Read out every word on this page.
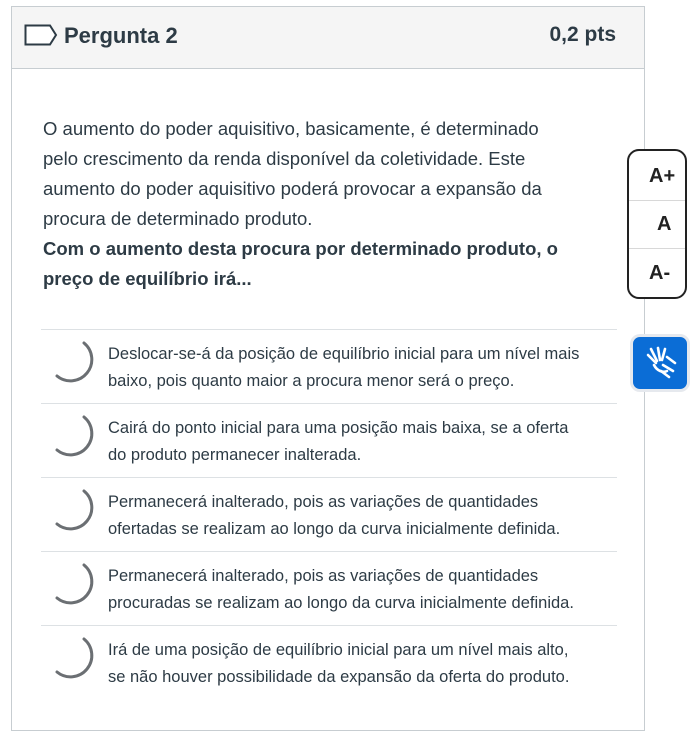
Pergunta 2	0,2 pts

O aumento do poder aquisitivo, basicamente, é determinado

pelo crescimento da renda disponível da coletividade. Este

aumento do poder aquisitivo poderá provocar a expansão da

procura de determinado produto.

Com o aumento desta procura por determinado produto, o

preço de equilíbrio irá...

Deslocar-se-á da posição de equilíbrio inicial para um nível mais
baixo, pois quanto maior a procura menor será o preço.
Cairá do ponto inicial para uma posição mais baixa, se a oferta
do produto permanecer inalterada.
Permanecerá inalterado, pois as variações de quantidades
ofertadas se realizam ao longo da curva inicialmente definida.
Permanecerá inalterado, pois as variações de quantidades
procuradas se realizam ao longo da curva inicialmente definida.
Irá de uma posição de equilíbrio inicial para um nível mais alto,
se não houver possibilidade da expansão da oferta do produto.
A+
A
A-
